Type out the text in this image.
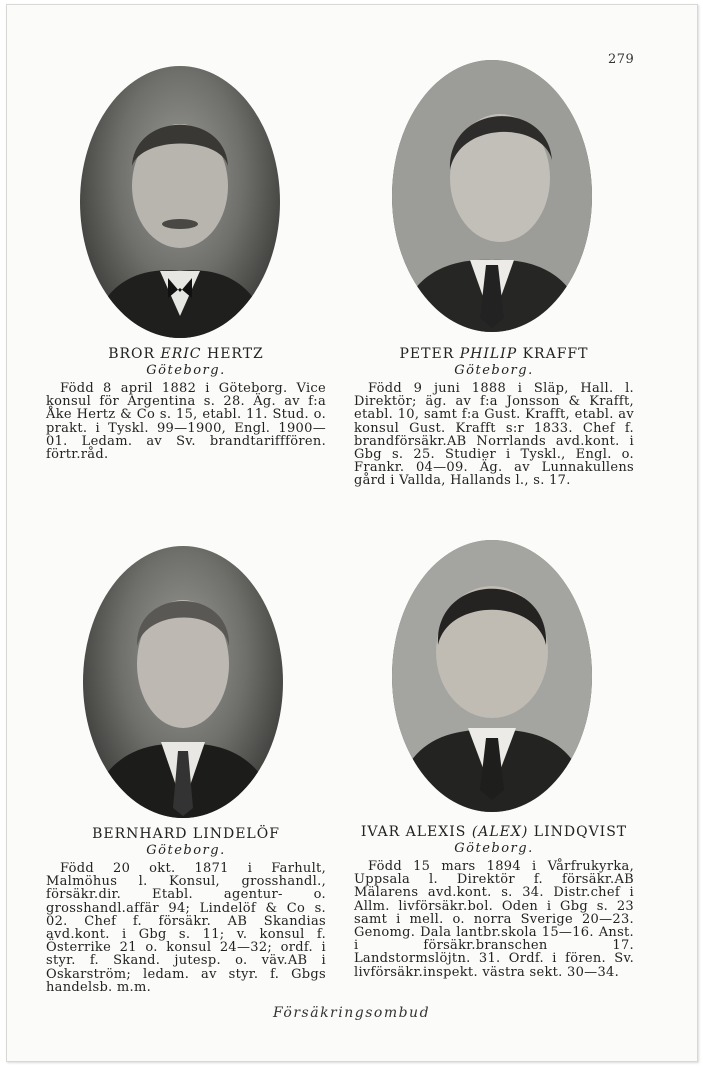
279

BROR ERIC HERTZ

Göteborg.

Född 8 april 1882 i Göteborg. Vice konsul för Argentina s. 28. Äg. av f:a Åke Hertz & Co s. 15, etabl. 11. Stud. o. prakt. i Tyskl. 99—1900, Engl. 1900—01. Ledam. av Sv. brandtarifffören. förtr.råd.

PETER PHILIP KRAFFT

Göteborg.

Född 9 juni 1888 i Släp, Hall. l. Direktör; äg. av f:a Jonsson & Krafft, etabl. 10, samt f:a Gust. Krafft, etabl. av konsul Gust. Krafft s:r 1833. Chef f. brandförsäkr.AB Norrlands avd.kont. i Gbg s. 25. Studier i Tyskl., Engl. o. Frankr. 04—09. Äg. av Lunnakullens gård i Vallda, Hallands l., s. 17.

BERNHARD LINDELÖF

Göteborg.

Född 20 okt. 1871 i Farhult, Malmöhus l. Konsul, grosshandl., försäkr.dir. Etabl. agentur- o. grosshandl.affär 94; Lindelöf & Co s. 02. Chef f. försäkr. AB Skandias avd.kont. i Gbg s. 11; v. konsul f. Österrike 21 o. konsul 24—32; ordf. i styr. f. Skand. jutesp. o. väv.AB i Oskarström; ledam. av styr. f. Gbgs handelsb. m.m.

IVAR ALEXIS (ALEX) LINDQVIST

Göteborg.

Född 15 mars 1894 i Vårfrukyrka, Uppsala l. Direktör f. försäkr.AB Mälarens avd.kont. s. 34. Distr.chef i Allm. livförsäkr.bol. Oden i Gbg s. 23 samt i mell. o. norra Sverige 20—23. Genomg. Dala lantbr.skola 15—16. Anst. i försäkr.branschen 17. Landstormslöjtn. 31. Ordf. i fören. Sv. livförsäkr.inspekt. västra sekt. 30—34.

Försäkringsombud
